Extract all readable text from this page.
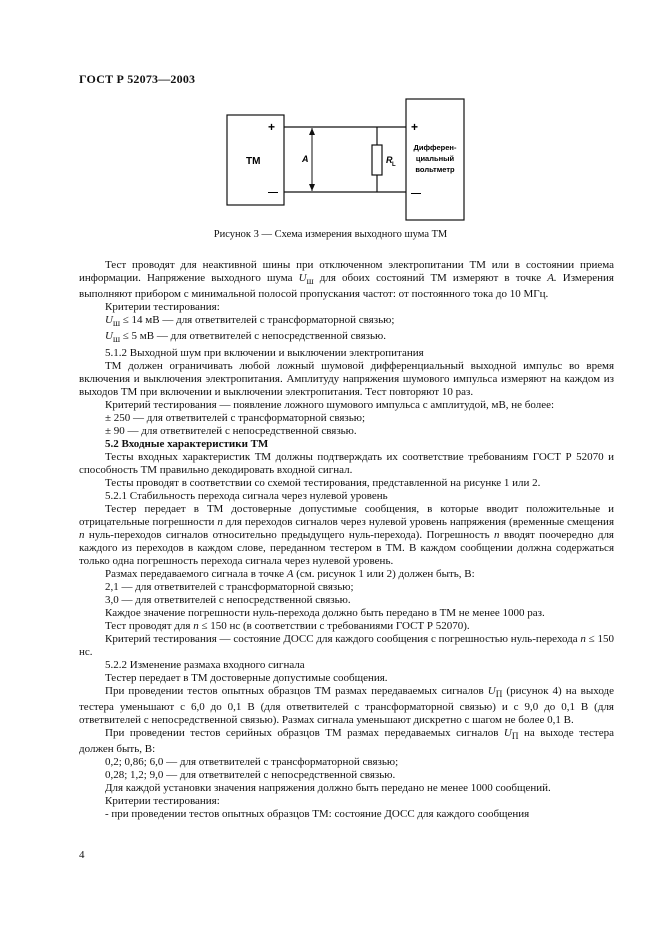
ГОСТ Р 52073—2003
ТМ
+
—
A	R L
+
—
Дифферен-
циальный
вольтметр
Рисунок 3 — Схема измерения выходного шума ТМ

Тест проводят для неактивной шины при отключенном электропитании ТМ или в состоянии приема информации. Напряжение выходного шума $U_ш$ для обоих состояний ТМ измеряют в точке А. Измерения выполняют прибором с минимальной полосой пропускания частот: от постоянного тока до 10 МГц.

Критерии тестирования:

$U_ш \le 14$ мВ — для ответвителей с трансформаторной связью;

$U_ш \le 5$ мВ — для ответвителей с непосредственной связью.

5.1.2 Выходной шум при включении и выключении электропитания

ТМ должен ограничивать любой ложный шумовой дифференциальный выходной импульс во время включения и выключения электропитания. Амплитуду напряжения шумового импульса измеряют на каждом из выходов ТМ при включении и выключении электропитания. Тест повторяют 10 раз.

Критерий тестирования — появление ложного шумового импульса с амплитудой, мВ, не более:

± 250 — для ответвителей с трансформаторной связью;

± 90 — для ответвителей с непосредственной связью.

5.2 Входные характеристики ТМ

Тесты входных характеристик ТМ должны подтверждать их соответствие требованиям ГОСТ Р 52070 и способность ТМ правильно декодировать входной сигнал.

Тесты проводят в соответствии со схемой тестирования, представленной на рисунке 1 или 2.

5.2.1 Стабильность перехода сигнала через нулевой уровень

Тестер передает в ТМ достоверные допустимые сообщения, в которые вводит положительные и отрицательные погрешности n для переходов сигналов через нулевой уровень напряжения (временные смещения n нуль-переходов сигналов относительно предыдущего нуль-перехода). Погрешность n вводят поочередно для каждого из переходов в каждом слове, переданном тестером в ТМ. В каждом сообщении должна содержаться только одна погрешность перехода сигнала через нулевой уровень.

Размах передаваемого сигнала в точке А (см. рисунок 1 или 2) должен быть, В:

2,1 — для ответвителей с трансформаторной связью;

3,0 — для ответвителей с непосредственной связью.

Каждое значение погрешности нуль-перехода должно быть передано в ТМ не менее 1000 раз.

Тест проводят для n ≤ 150 нс (в соответствии с требованиями ГОСТ Р 52070).

Критерий тестирования — состояние ДОСС для каждого сообщения с погрешностью нуль-перехода n ≤ 150 нс.

5.2.2 Изменение размаха входного сигнала

Тестер передает в ТМ достоверные допустимые сообщения.

При проведении тестов опытных образцов ТМ размах передаваемых сигналов $U_П$ (рисунок 4) на выходе тестера уменьшают с 6,0 до 0,1 В (для ответвителей с трансформаторной связью) и с 9,0 до 0,1 В (для ответвителей с непосредственной связью). Размах сигнала уменьшают дискретно с шагом не более 0,1 В.

При проведении тестов серийных образцов ТМ размах передаваемых сигналов $U_П$ на выходе тестера должен быть, В:

0,2; 0,86; 6,0 — для ответвителей с трансформаторной связью;

0,28; 1,2; 9,0 — для ответвителей с непосредственной связью.

Для каждой установки значения напряжения должно быть передано не менее 1000 сообщений.

Критерии тестирования:

- при проведении тестов опытных образцов ТМ: состояние ДОСС для каждого сообщения

4
